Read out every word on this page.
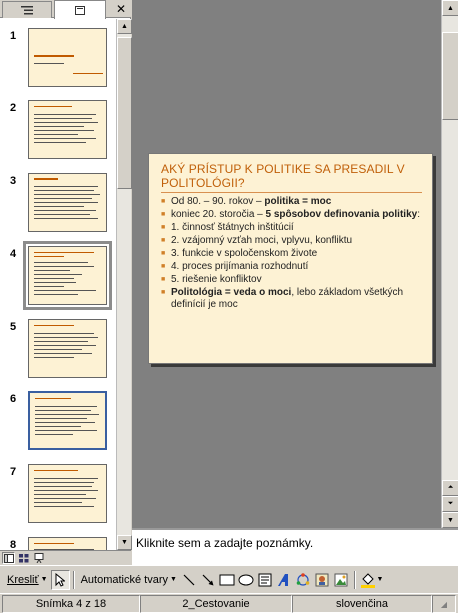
✕
1
2
3
4
5
6
7
8
▲
▼
AKÝ PRÍSTUP K POLITIKE SA PRESADIL V POLITOLÓGII?
■ Od 80. – 90. rokov – politika = moc
■ koniec 20. storočia – 5 spôsobov definovania politiky:
■ 1. činnosť štátnych inštitúcií
■ 2. vzájomný vzťah moci, vplyvu, konfliktu
■ 3. funkcie v spoločenskom živote
■ 4. proces prijímania rozhodnutí
■ 5. riešenie konfliktov
■ Politológia = veda o moci, lebo základom všetkých definícií je moc
▲
⏶
⏷
▼
Kliknite sem a zadajte poznámky.
Kresliť ▼	Automatické tvary ▼	▼
Snímka 4 z 18	2_Cestovanie	slovenčina	◢
